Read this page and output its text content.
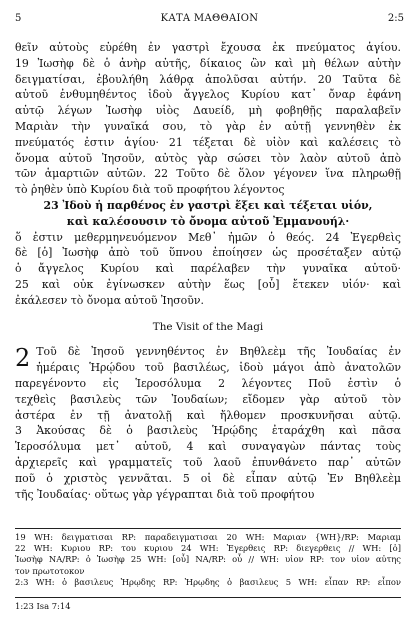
5	ΚΑΤΑ ΜΑΘΘΑΙΟΝ	2:5

θεῖν αὐτοὺς εὑρέθη ἐν γαστρὶ ἔχουσα ἐκ πνεύματος ἁγίου.
19 Ἰωσὴφ δὲ ὁ ἀνὴρ αὐτῆς, δίκαιος ὢν καὶ μὴ θέλων αὐτὴν
δειγματίσαι, ἐβουλήθη λάθρᾳ ἀπολῦσαι αὐτήν. 20 Ταῦτα δὲ
αὐτοῦ ἐνθυμηθέντος ἰδοὺ ἄγγελος Κυρίου κατ᾽ ὄναρ ἐφάνη
αὐτῷ λέγων Ἰωσὴφ υἱὸς Δαυείδ, μὴ φοβηθῇς παραλαβεῖν
Μαριὰν τὴν γυναῖκά σου, τὸ γὰρ ἐν αὐτῇ γεννηθὲν ἐκ
πνεύματός ἐστιν ἁγίου· 21 τέξεται δὲ υἱὸν καὶ καλέσεις τὸ
ὄνομα αὐτοῦ Ἰησοῦν, αὐτὸς γὰρ σώσει τὸν λαὸν αὐτοῦ ἀπὸ
τῶν ἁμαρτιῶν αὐτῶν. 22 Τοῦτο δὲ ὅλον γέγονεν ἵνα πληρωθῇ
τὸ ῥηθὲν ὑπὸ Κυρίου διὰ τοῦ προφήτου λέγοντος

23 Ἰδοὺ ἡ παρθένος ἐν γαστρὶ ἕξει καὶ τέξεται υἱόν,
καὶ καλέσουσιν τὸ ὄνομα αὐτοῦ Ἐμμανουήλ·

ὅ ἐστιν μεθερμηνευόμενον Μεθ᾽ ἡμῶν ὁ θεός. 24 Ἐγερθεὶς
δὲ [ὁ] Ἰωσὴφ ἀπὸ τοῦ ὕπνου ἐποίησεν ὡς προσέταξεν αὐτῷ
ὁ ἄγγελος Κυρίου καὶ παρέλαβεν τὴν γυναῖκα αὐτοῦ·
25 καὶ οὐκ ἐγίνωσκεν αὐτὴν ἕως [οὗ] ἔτεκεν υἱόν· καὶ
ἐκάλεσεν τὸ ὄνομα αὐτοῦ Ἰησοῦν.

The Visit of the Magi

2 Τοῦ δὲ Ἰησοῦ γεννηθέντος ἐν Βηθλεὲμ τῆς Ἰουδαίας ἐν
ἡμέραις Ἡρῴδου τοῦ βασιλέως, ἰδοὺ μάγοι ἀπὸ ἀνατολῶν
παρεγένοντο εἰς Ἱεροσόλυμα 2 λέγοντες Ποῦ ἐστὶν ὁ
τεχθεὶς βασιλεὺς τῶν Ἰουδαίων; εἴδομεν γὰρ αὐτοῦ τὸν
ἀστέρα ἐν τῇ ἀνατολῇ καὶ ἤλθομεν προσκυνῆσαι αὐτῷ.
3 Ἀκούσας δὲ ὁ βασιλεὺς Ἡρῴδης ἐταράχθη καὶ πᾶσα
Ἱεροσόλυμα μετ᾽ αὐτοῦ, 4 καὶ συναγαγὼν πάντας τοὺς
ἀρχιερεῖς καὶ γραμματεῖς τοῦ λαοῦ ἐπυνθάνετο παρ᾽ αὐτῶν
ποῦ ὁ χριστὸς γεννᾶται. 5 οἱ δὲ εἶπαν αὐτῷ Ἐν Βηθλεὲμ
τῆς Ἰουδαίας· οὕτως γὰρ γέγραπται διὰ τοῦ προφήτου

19 WH: δειγματισαι RP: παραδειγματισαι 20 WH: Μαριαν {WH}/RP: Μαριαμ
22 WH: Κυριου RP: του κυριου 24 WH: Ἐγερθεις RP: διεγερθεις // WH: [ὁ]
Ἰωσὴφ NA/RP: ὁ Ἰωσὴφ 25 WH: [οὗ] NA/RP: οὗ // WH: υἱον RP: τον υἱον αὐτης
τον πρωτοτοκον
2:3 WH: ὁ βασιλευς Ἡρῳδης RP: Ἡρῳδης ὁ βασιλευς 5 WH: εἶπαν RP: εἶπον
1:23 Isa 7:14
